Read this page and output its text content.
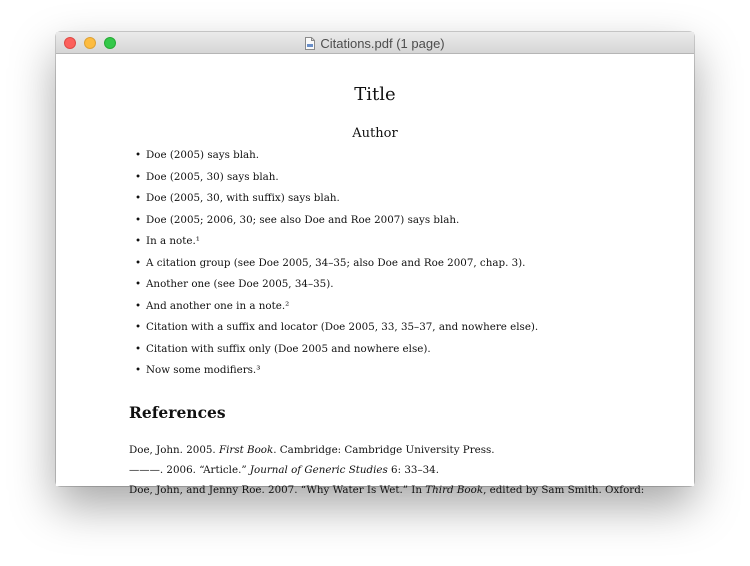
Citations.pdf (1 page)
Title
Author
• Doe (2005) says blah.
• Doe (2005, 30) says blah.
• Doe (2005, 30, with suffix) says blah.
• Doe (2005; 2006, 30; see also Doe and Roe 2007) says blah.
• In a note.¹
• A citation group (see Doe 2005, 34–35; also Doe and Roe 2007, chap. 3).
• Another one (see Doe 2005, 34–35).
• And another one in a note.²
• Citation with a suffix and locator (Doe 2005, 33, 35–37, and nowhere else).
• Citation with suffix only (Doe 2005 and nowhere else).
• Now some modifiers.³
References
Doe, John. 2005. First Book. Cambridge: Cambridge University Press.
———. 2006. “Article.” Journal of Generic Studies 6: 33–34.
Doe, John, and Jenny Roe. 2007. “Why Water Is Wet.” In Third Book, edited by Sam Smith. Oxford:
